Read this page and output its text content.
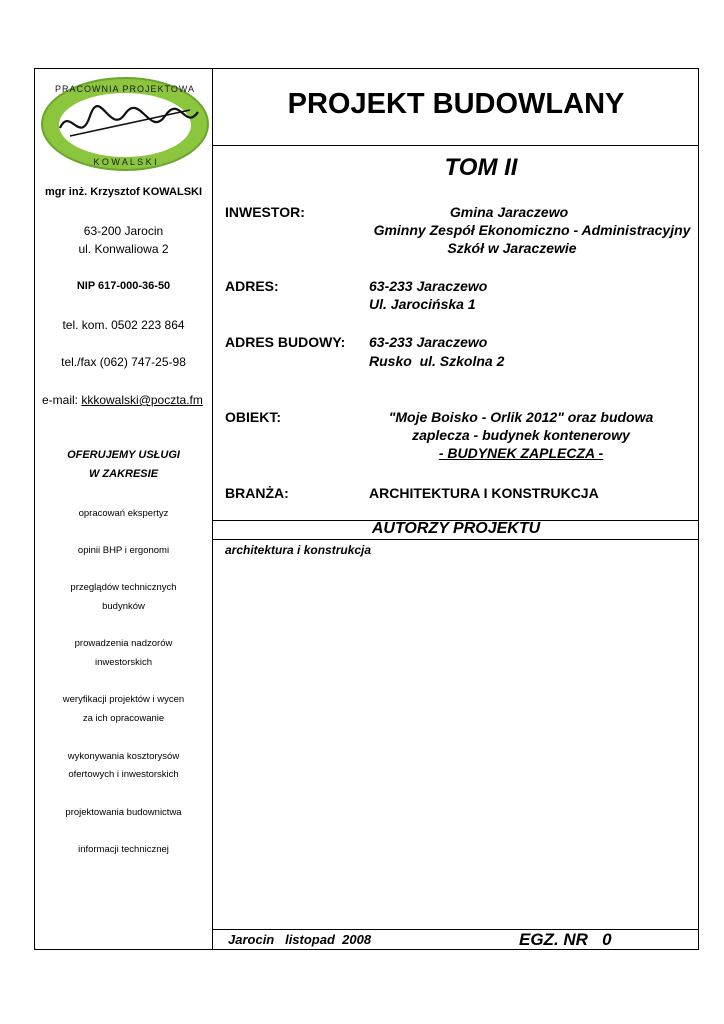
PRACOWNIA PROJEKTOWA
K O W A L S K I
mgr inż. Krzysztof KOWALSKI
63-200 Jarocin
ul. Konwaliowa 2
NIP 617-000-36-50
tel. kom. 0502 223 864
tel./fax (062) 747-25-98
e-mail: kkkowalski@poczta.fm
OFERUJEMY USŁUGI
W ZAKRESIE
opracowań ekspertyz
opinii BHP i ergonomi
przeglądów technicznych
budynków
prowadzenia nadzorów
inwestorskich
weryfikacji projektów i wycen
za ich opracowanie
wykonywania kosztorysów
ofertowych i inwestorskich
projektowania budownictwa
informacji technicznej
PROJEKT BUDOWLANY
TOM II
INWESTOR:	Gmina Jaraczewo
Gminny Zespół Ekonomiczno - Administracyjny
Szkół w Jaraczewie
ADRES:	63-233 Jaraczewo
Ul. Jarocińska 1
ADRES BUDOWY: 63-233 Jaraczewo
Rusko  ul. Szkolna 2
OBIEKT:	"Moje Boisko - Orlik 2012" oraz budowa
zaplecza - budynek kontenerowy
- BUDYNEK ZAPLECZA -
BRANŻA:	ARCHITEKTURA I KONSTRUKCJA
AUTORZY PROJEKTU
architektura i konstrukcja
Jarocin   listopad  2008	EGZ. NR   0
